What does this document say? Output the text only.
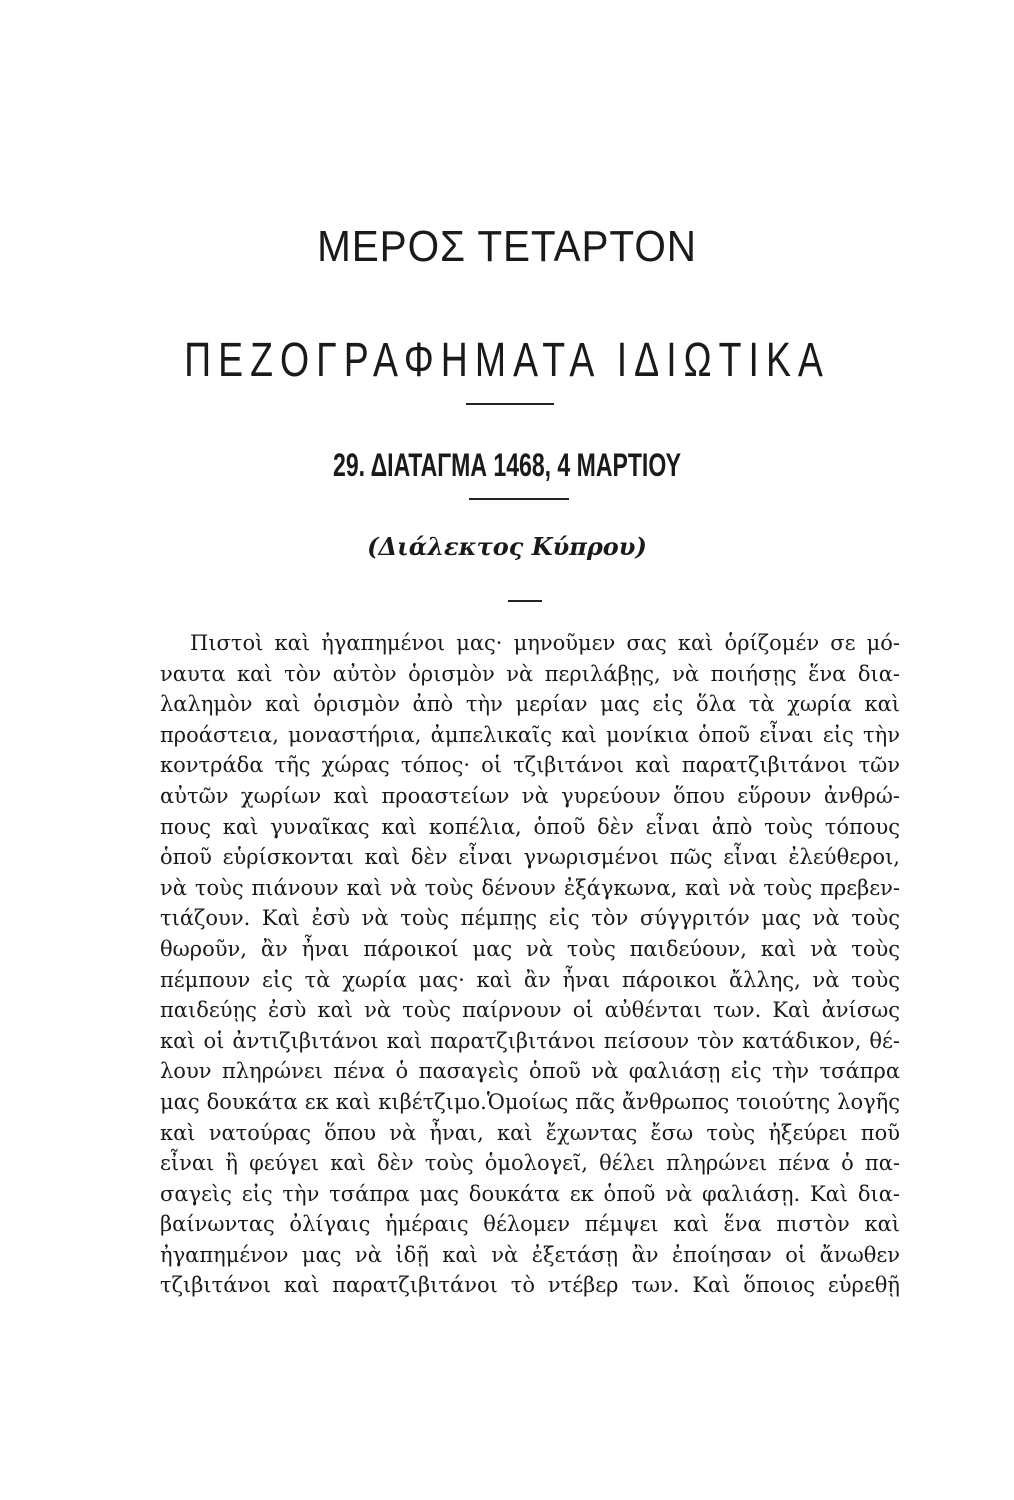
ΜΕΡΟΣ ΤΕΤΑΡΤΟΝ
ΠΕΖΟΓΡΑΦΗΜΑΤΑ ΙΔΙΩΤΙΚΑ
29. ΔΙΑΤΑΓΜΑ 1468, 4 ΜΑΡΤΙΟΥ
(Διάλεκτος Κύπρου)
Πιστοὶ καὶ ἠγαπημένοι μας· μηνοῦμεν σας καὶ ὁρίζομέν σε μό-
ναυτα καὶ τὸν αὐτὸν ὁρισμὸν νὰ περιλάβῃς, νὰ ποιήσῃς ἕνα δια-
λαλημὸν καὶ ὁρισμὸν ἀπὸ τὴν μερίαν μας εἰς ὅλα τὰ χωρία καὶ
προάστεια, μοναστήρια, ἀμπελικαῖς καὶ μονίκια ὁποῦ εἶναι εἰς τὴν
κοντράδα τῆς χώρας τόπος· οἱ τζιβιτάνοι καὶ παρατζιβιτάνοι τῶν
αὐτῶν χωρίων καὶ προαστείων νὰ γυρεύουν ὅπου εὕρουν ἀνθρώ-
πους καὶ γυναῖκας καὶ κοπέλια, ὁποῦ δὲν εἶναι ἀπὸ τοὺς τόπους
ὁποῦ εὑρίσκονται καὶ δὲν εἶναι γνωρισμένοι πῶς εἶναι ἐλεύθεροι,
νὰ τοὺς πιάνουν καὶ νὰ τοὺς δένουν ἐξάγκωνα, καὶ νὰ τοὺς πρεβεν-
τιάζουν. Καὶ ἐσὺ νὰ τοὺς πέμπῃς εἰς τὸν σύγγριτόν μας νὰ τοὺς
θωροῦν, ἂν ἦναι πάροικοί μας νὰ τοὺς παιδεύουν, καὶ νὰ τοὺς
πέμπουν εἰς τὰ χωρία μας· καὶ ἂν ἦναι πάροικοι ἄλλης, νὰ τοὺς
παιδεύῃς ἐσὺ καὶ νὰ τοὺς παίρνουν οἱ αὐθένται των. Καὶ ἀνίσως
καὶ οἱ ἀντιζιβιτάνοι καὶ παρατζιβιτάνοι πείσουν τὸν κατάδικον, θέ-
λουν πληρώνει πένα ὁ πασαγεὶς ὁποῦ νὰ φαλιάσῃ εἰς τὴν τσάπρα
μας δουκάτα εκ καὶ κιβέτζιμο.Ὁμοίως πᾶς ἄνθρωπος τοιούτης λογῆς
καὶ νατούρας ὅπου νὰ ἦναι, καὶ ἔχωντας ἔσω τοὺς ἠξεύρει ποῦ
εἶναι ἢ φεύγει καὶ δὲν τοὺς ὁμολογεῖ, θέλει πληρώνει πένα ὁ πα-
σαγεὶς εἰς τὴν τσάπρα μας δουκάτα εκ ὁποῦ νὰ φαλιάσῃ. Καὶ δια-
βαίνωντας ὀλίγαις ἡμέραις θέλομεν πέμψει καὶ ἕνα πιστὸν καὶ
ἠγαπημένον μας νὰ ἰδῇ καὶ νὰ ἐξετάσῃ ἂν ἐποίησαν οἱ ἄνωθεν
τζιβιτάνοι καὶ παρατζιβιτάνοι τὸ ντέβερ των. Καὶ ὅποιος εὑρεθῇ
